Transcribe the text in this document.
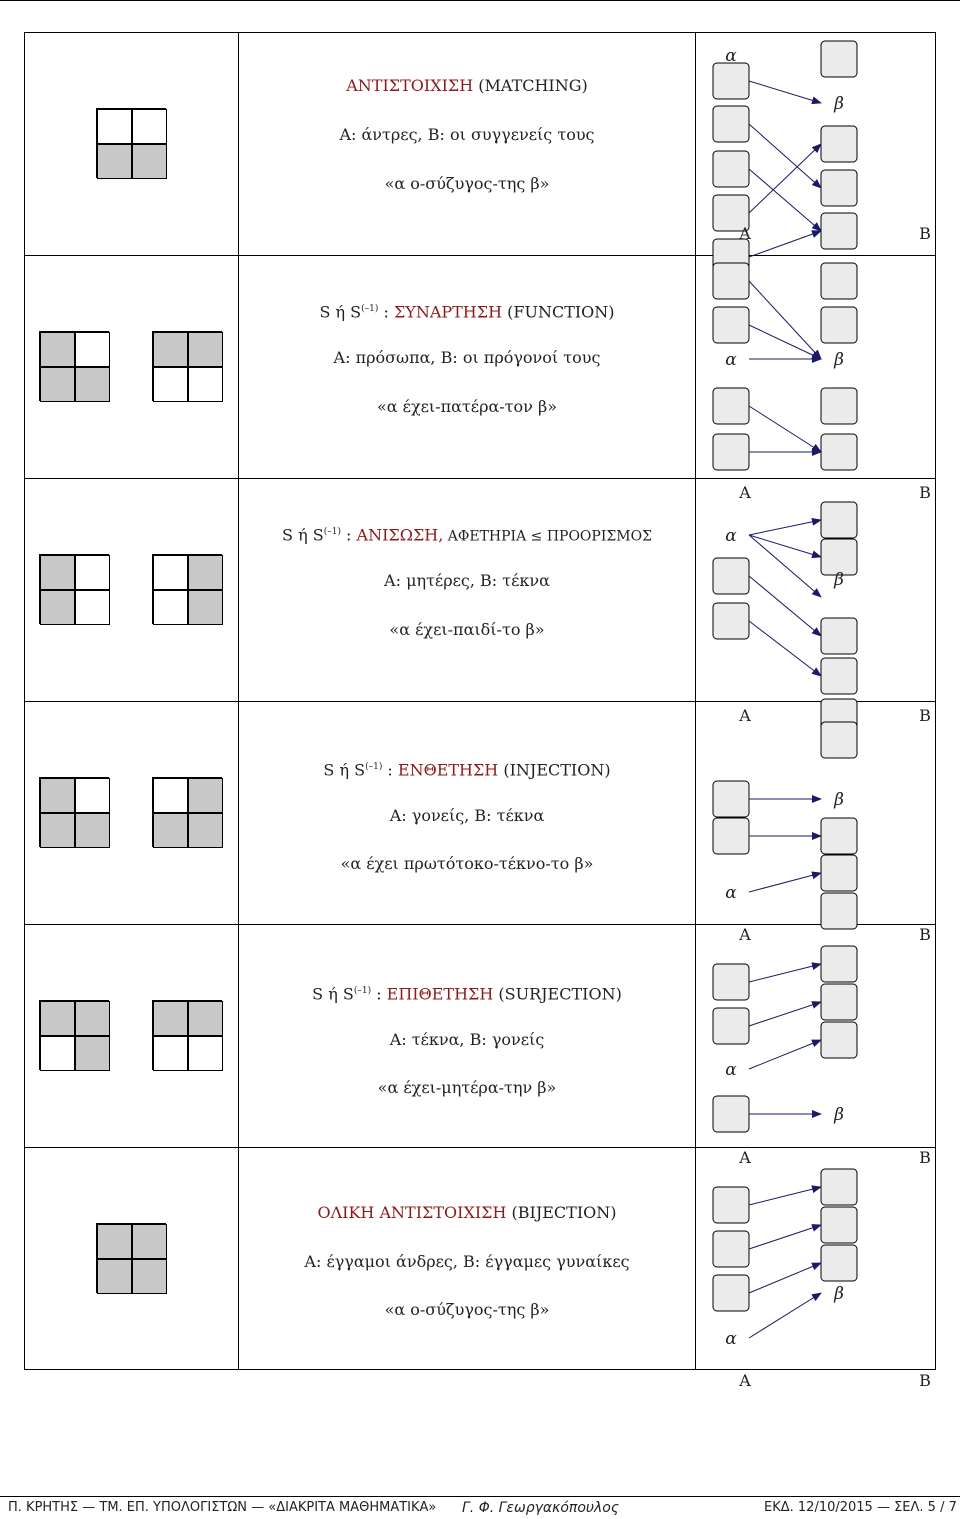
ΑΝΤΙΣΤΟΙΧΙΣΗ (MATCHING)
Α: άντρες, Β: οι συγγενείς τους
«α ο-σύζυγος-της β»
α
β
A	B
S ή $S^{(-1)}$ : ΣΥΝΑΡΤΗΣΗ (FUNCTION)
Α: πρόσωπα, Β: οι πρόγονοί τους
«α έχει-πατέρα-τον β»
α	β
A	B
S ή $S^{(-1)}$ : ΑΝΙΣΩΣΗ, ΑΦΕΤΗΡΙΑ ≤ ΠΡΟΟΡΙΣΜΟΣ
Α: μητέρες, Β: τέκνα
«α έχει-παιδί-το β»
α
β
A	B
S ή $S^{(-1)}$ : ΕΝΘΕΤΗΣΗ (INJECTION)
Α: γονείς, Β: τέκνα
«α έχει πρωτότοκο-τέκνο-το β»
α
β
A	B
S ή $S^{(-1)}$ : ΕΠΙΘΕΤΗΣΗ (SURJECTION)
Α: τέκνα, Β: γονείς
«α έχει-μητέρα-την β»
α
β
A	B
ΟΛΙΚΗ ΑΝΤΙΣΤΟΙΧΙΣΗ (BIJECTION)
Α: έγγαμοι άνδρες, Β: έγγαμες γυναίκες
«α ο-σύζυγος-της β»
α
β
A	B
Π. ΚΡΗΤΗΣ — ΤΜ. ΕΠ. ΥΠΟΛΟΓΙΣΤΩΝ — «ΔΙΑΚΡΙΤΑ ΜΑΘΗΜΑΤΙΚΑ» Γ. Φ. Γεωργακόπουλος	ΕΚΔ. 12/10/2015 — ΣΕΛ. 5 / 7
